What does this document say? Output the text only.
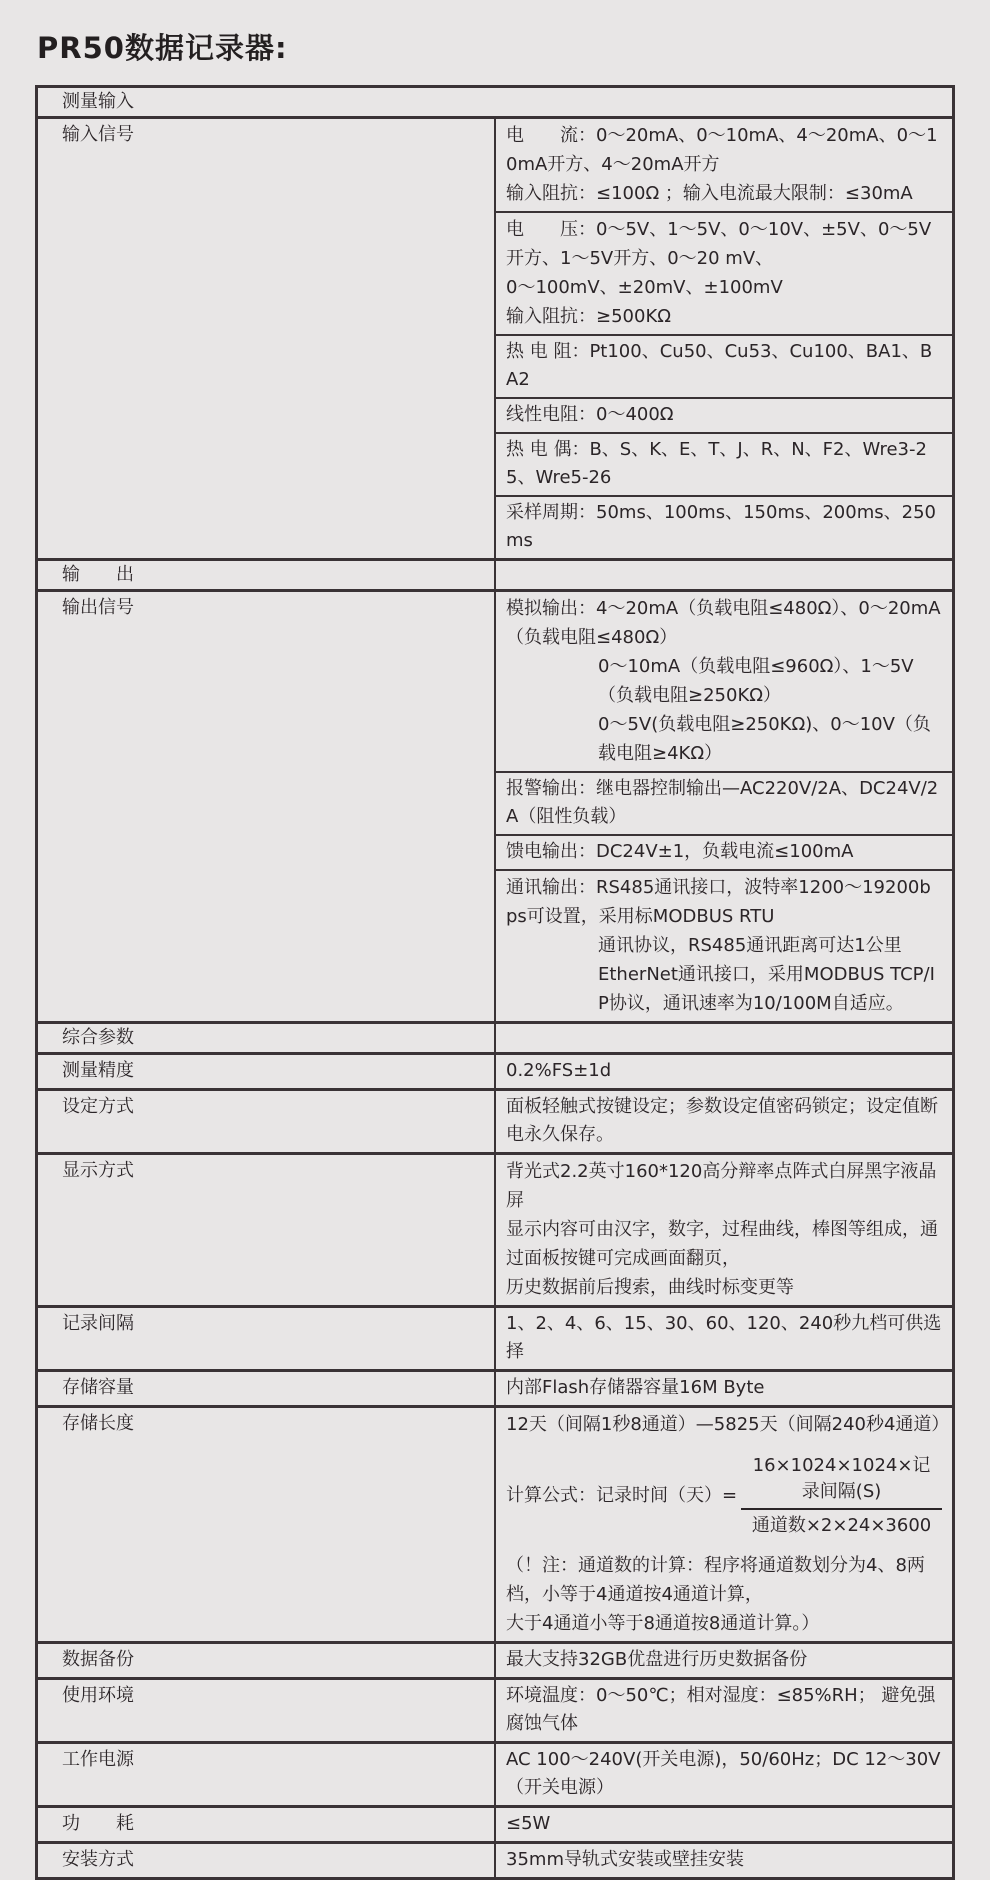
PR50数据记录器:
测量输入	
输入信号	电　　流：0～20mA、0～10mA、4～20mA、0～10mA开方、4～20mA开方
输入阻抗：≤100Ω ；输入电流最大限制：≤30mA

	电　　压：0～5V、1～5V、0～10V、±5V、0～5V开方、1～5V开方、0～20 mV、
0～100mV、±20mV、±100mV
输入阻抗：≥500KΩ

	热 电 阻：Pt100、Cu50、Cu53、Cu100、BA1、BA2
	线性电阻：0～400Ω
	热 电 偶：B、S、K、E、T、J、R、N、F2、Wre3-25、Wre5-26
	采样周期：50ms、100ms、150ms、200ms、250ms
输　　出	
输出信号	模拟输出：4～20mA（负载电阻≤480Ω）、0～20mA（负载电阻≤480Ω）
0～10mA（负载电阻≤960Ω）、1～5V（负载电阻≥250KΩ）
0～5V(负载电阻≥250KΩ)、0～10V（负载电阻≥4KΩ）

	报警输出：继电器控制输出—AC220V/2A、DC24V/2A（阻性负载）
	馈电输出：DC24V±1，负载电流≤100mA

	通讯输出：RS485通讯接口，波特率1200～19200bps可设置，采用标MODBUS RTU
通讯协议，RS485通讯距离可达1公里
EtherNet通讯接口，采用MODBUS TCP/IP协议，通讯速率为10/100M自适应。

综合参数	
测量精度	0.2%FS±1d
设定方式	面板轻触式按键设定；参数设定值密码锁定；设定值断电永久保存。
显示方式	背光式2.2英寸160*120高分辩率点阵式白屏黑字液晶屏
显示内容可由汉字，数字，过程曲线，棒图等组成，通过面板按键可完成画面翻页，
历史数据前后搜索，曲线时标变更等

记录间隔	1、2、4、6、15、30、60、120、240秒九档可供选择
存储容量	内部Flash存储器容量16M Byte
存储长度	12天（间隔1秒8通道）—5825天（间隔240秒4通道）
计算公式：记录时间（天）= $\frac{\text{16×1024×1024×记录间隔(S)}}{\text{通道数×2×24×3600}}$
（！注：通道数的计算：程序将通道数划分为4、8两档，小等于4通道按4通道计算，
大于4通道小等于8通道按8通道计算。）

数据备份	最大支持32GB优盘进行历史数据备份
使用环境	环境温度：0～50℃；相对湿度：≤85%RH； 避免强腐蚀气体
工作电源	AC 100～240V(开关电源)，50/60Hz；DC 12～30V（开关电源）
功　　耗	≤5W
安装方式	35mm导轨式安装或壁挂安装
